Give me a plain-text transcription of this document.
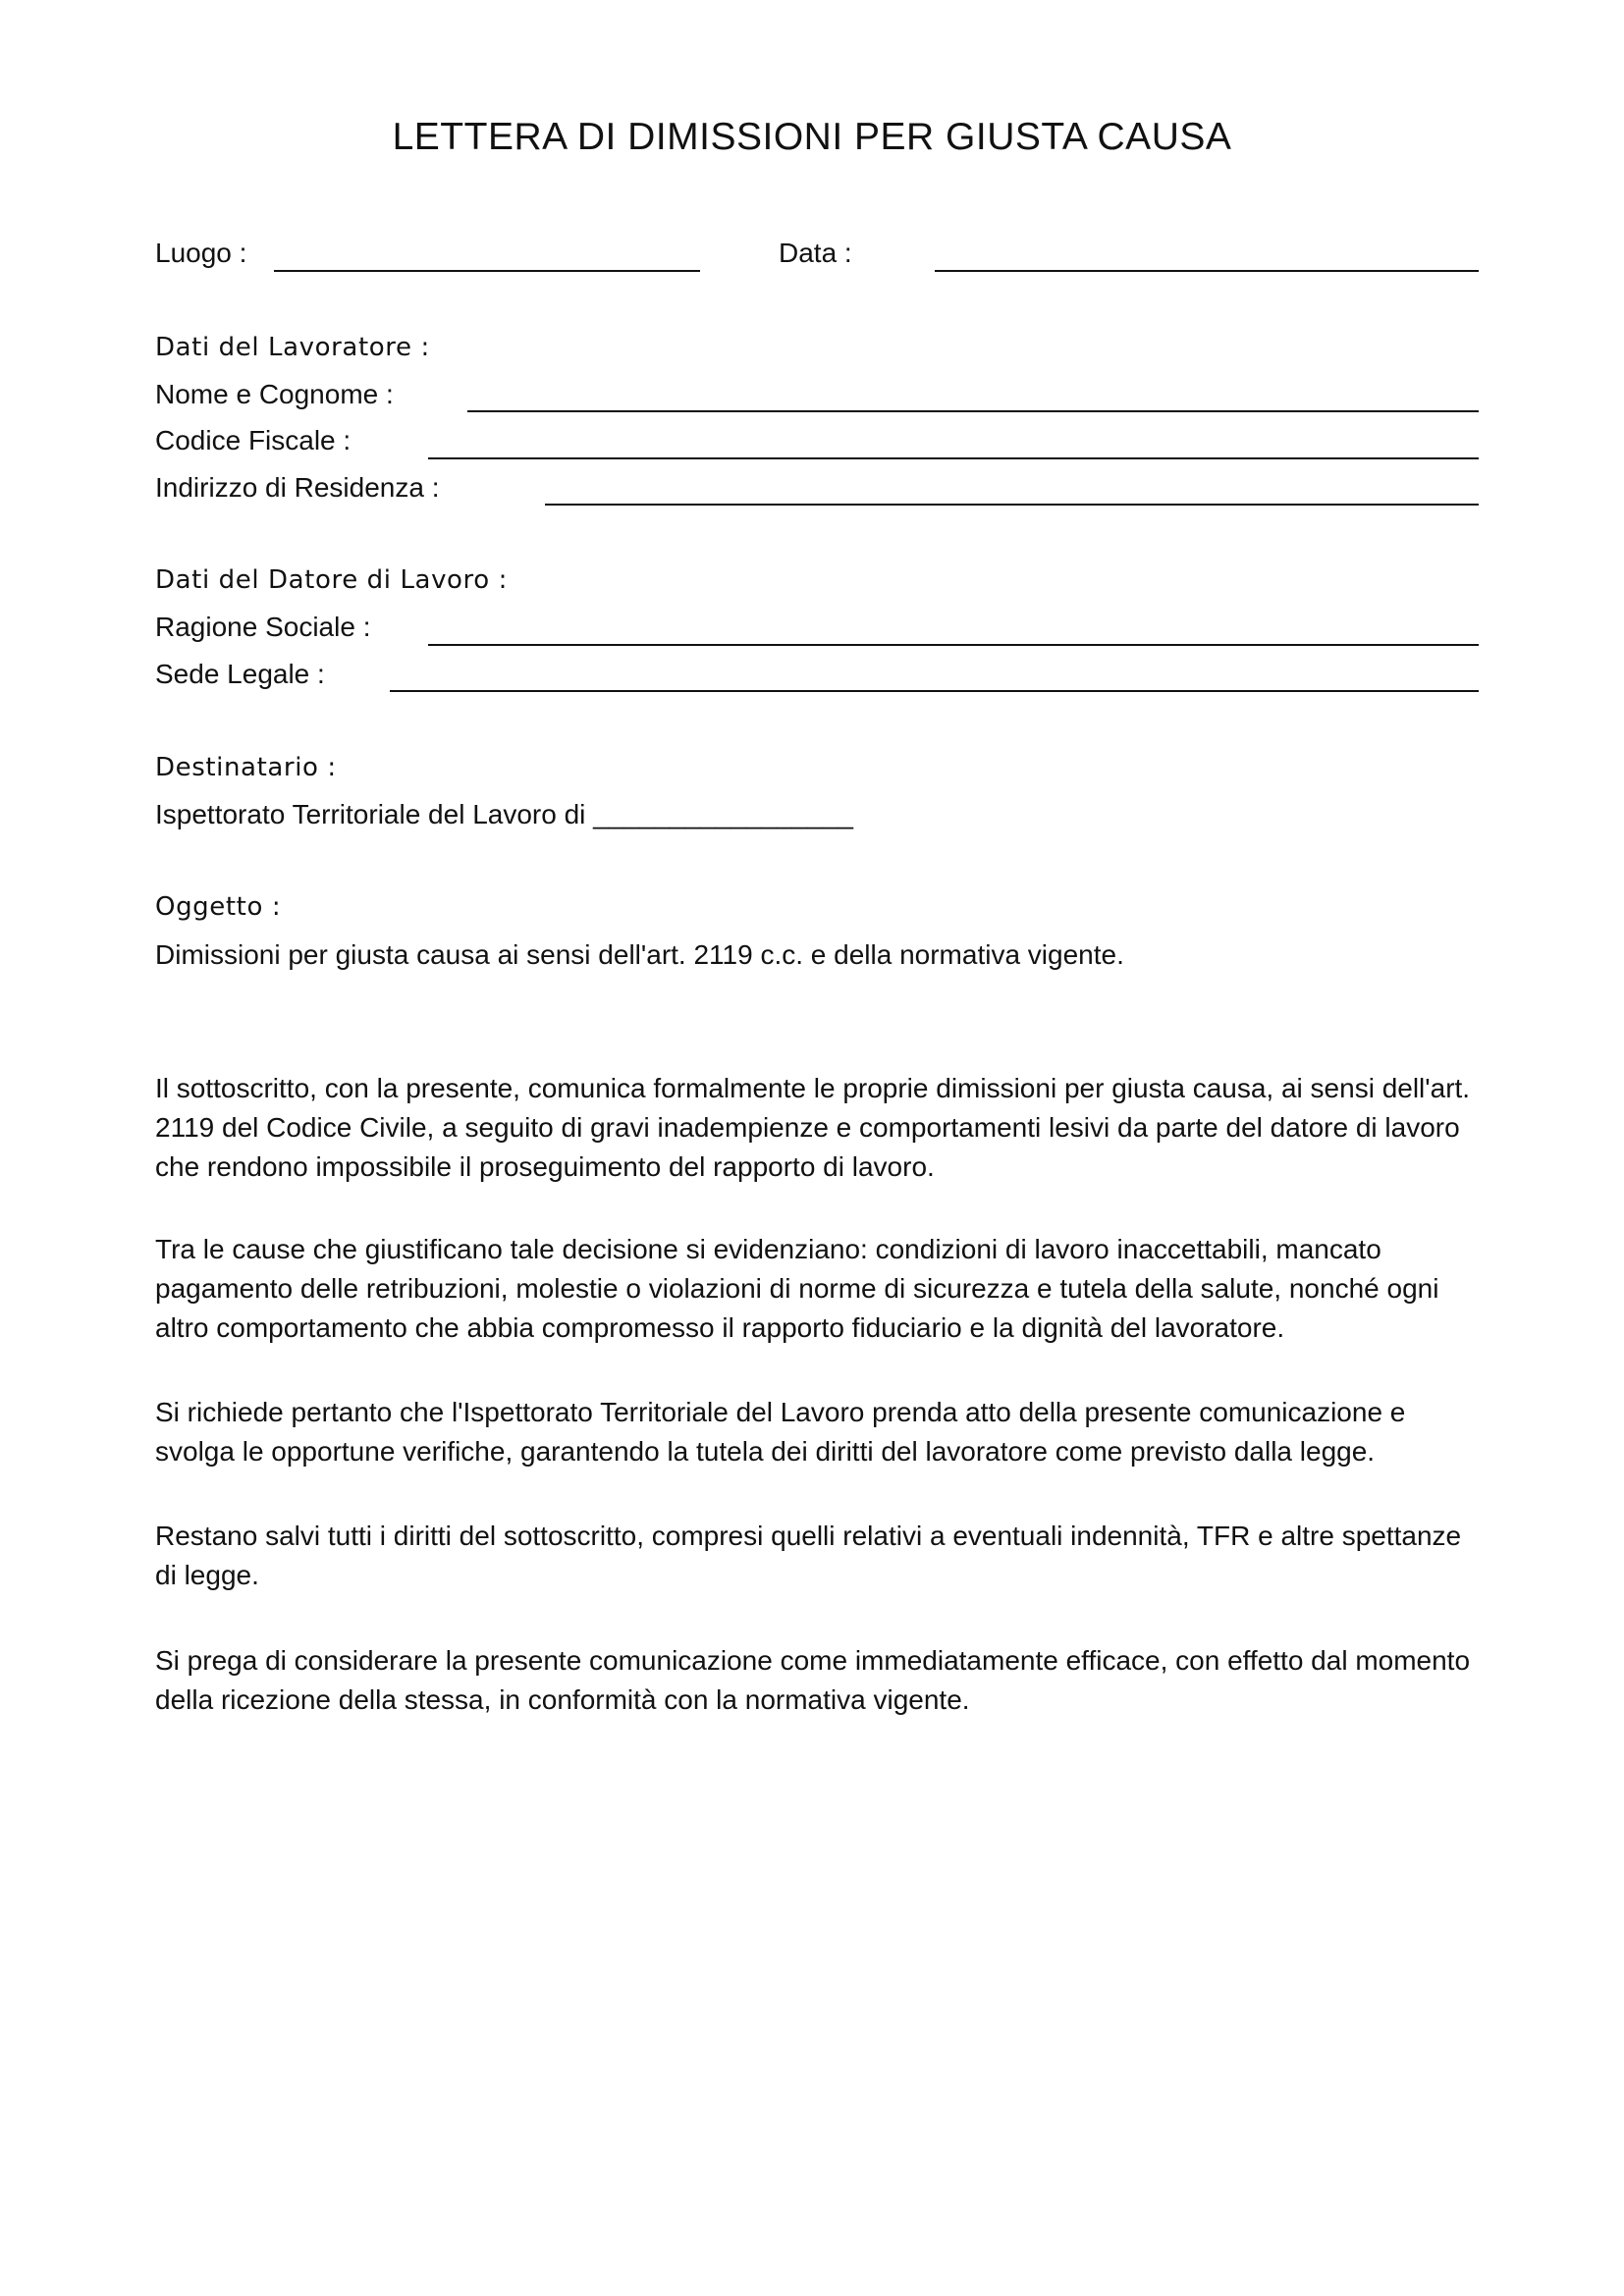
LETTERA DI DIMISSIONI PER GIUSTA CAUSA
Luogo :	Data :
Dati del Lavoratore :
Nome e Cognome :
Codice Fiscale :
Indirizzo di Residenza :
Dati del Datore di Lavoro :
Ragione Sociale :
Sede Legale :
Destinatario :
Ispettorato Territoriale del Lavoro di _________________
Oggetto :
Dimissioni per giusta causa ai sensi dell'art. 2119 c.c. e della normativa vigente.

Il sottoscritto, con la presente, comunica formalmente le proprie dimissioni per giusta causa, ai sensi dell'art. 2119 del Codice Civile, a seguito di gravi inadempienze e comportamenti lesivi da parte del datore di lavoro che rendono impossibile il proseguimento del rapporto di lavoro.

Tra le cause che giustificano tale decisione si evidenziano: condizioni di lavoro inaccettabili, mancato pagamento delle retribuzioni, molestie o violazioni di norme di sicurezza e tutela della salute, nonché ogni altro comportamento che abbia compromesso il rapporto fiduciario e la dignità del lavoratore.

Si richiede pertanto che l'Ispettorato Territoriale del Lavoro prenda atto della presente comunicazione e svolga le opportune verifiche, garantendo la tutela dei diritti del lavoratore come previsto dalla legge.

Restano salvi tutti i diritti del sottoscritto, compresi quelli relativi a eventuali indennità, TFR e altre spettanze di legge.

Si prega di considerare la presente comunicazione come immediatamente efficace, con effetto dal momento della ricezione della stessa, in conformità con la normativa vigente.
